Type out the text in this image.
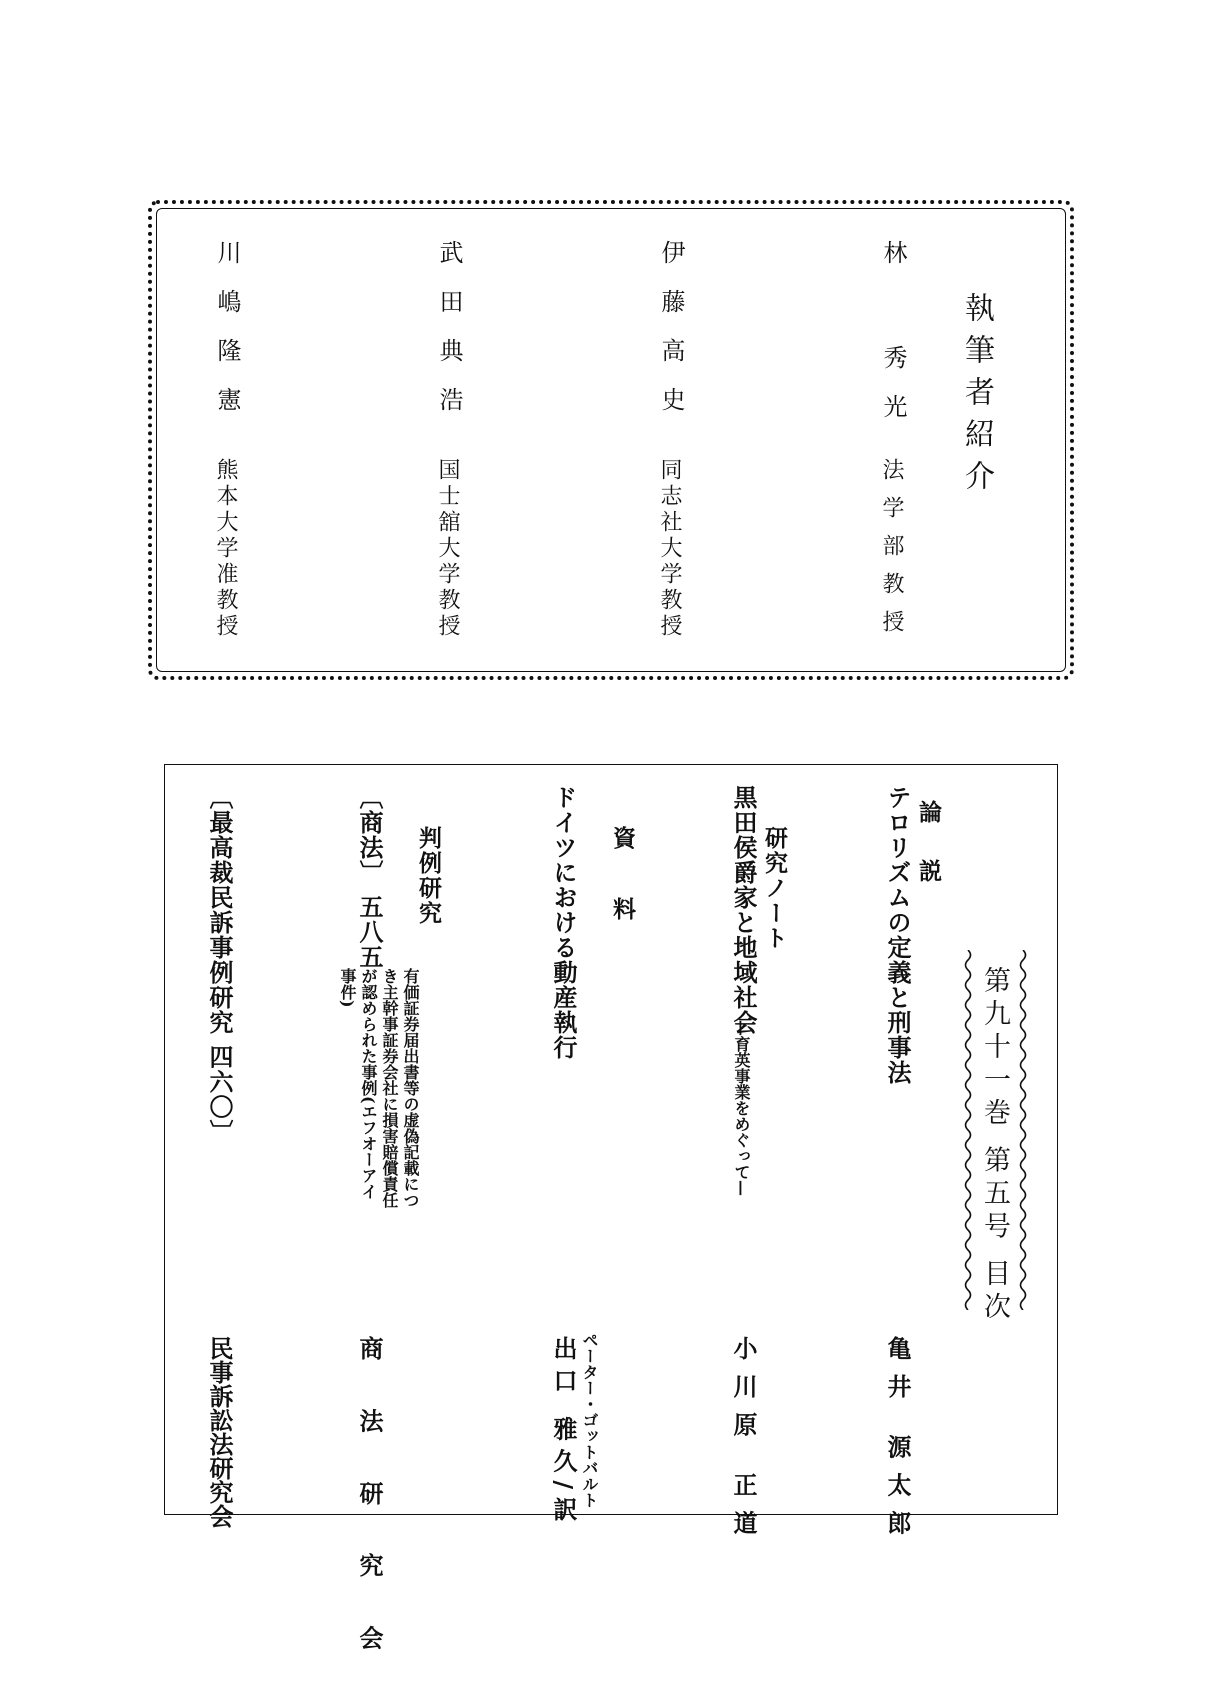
執筆者紹介
林
秀光
法学部教授
伊藤高史
同志社大学教授
武田典浩
国士舘大学教授
川嶋隆憲
熊本大学准教授
第九十一巻 第五号 目次
論 説
テロリズムの定義と刑事法
亀井 源太郎
研究ノート
黒田侯爵家と地域社会
—育英事業をめぐって—
小川原 正道
資 料
ドイツにおける動産執行
ペーター・ゴットバルト
出口 雅久/訳
判例研究
〔商法〕 五八五
有価証券届出書等の虚偽記載につ
き主幹事証券会社に損害賠償責任
が認められた事例(エフオーアイ
事件)
商 法 研 究 会
〔最高裁民訴事例研究 四六〇〕
民事訴訟法研究会
